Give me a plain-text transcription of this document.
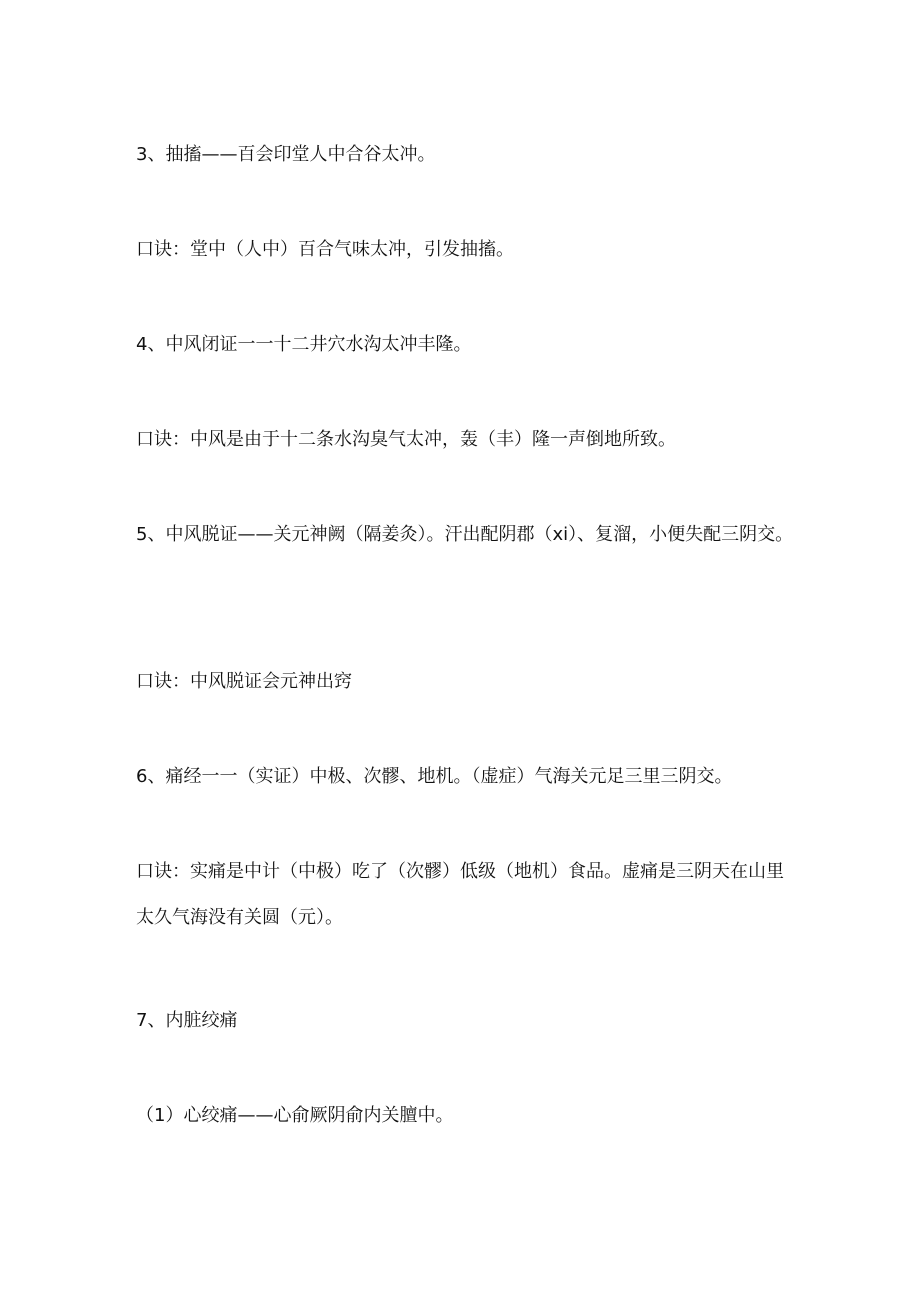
3、抽搐——百会印堂人中合谷太冲。

口诀：堂中（人中）百合气味太冲，引发抽搐。

4、中风闭证一一十二井穴水沟太冲丰隆。

口诀：中风是由于十二条水沟臭气太冲，轰（丰）隆一声倒地所致。

5、中风脱证——关元神阙（隔姜灸）。汗出配阴郡（xi）、复溜，小便失配三阴交。

口诀：中风脱证会元神出窍

6、痛经一一（实证）中极、次髎、地机。（虚症）气海关元足三里三阴交。

口诀：实痛是中计（中极）吃了（次髎）低级（地机）食品。虚痛是三阴天在山里太久气海没有关圆（元）。

7、内脏绞痛

（1）心绞痛——心俞厥阴俞内关膻中。
